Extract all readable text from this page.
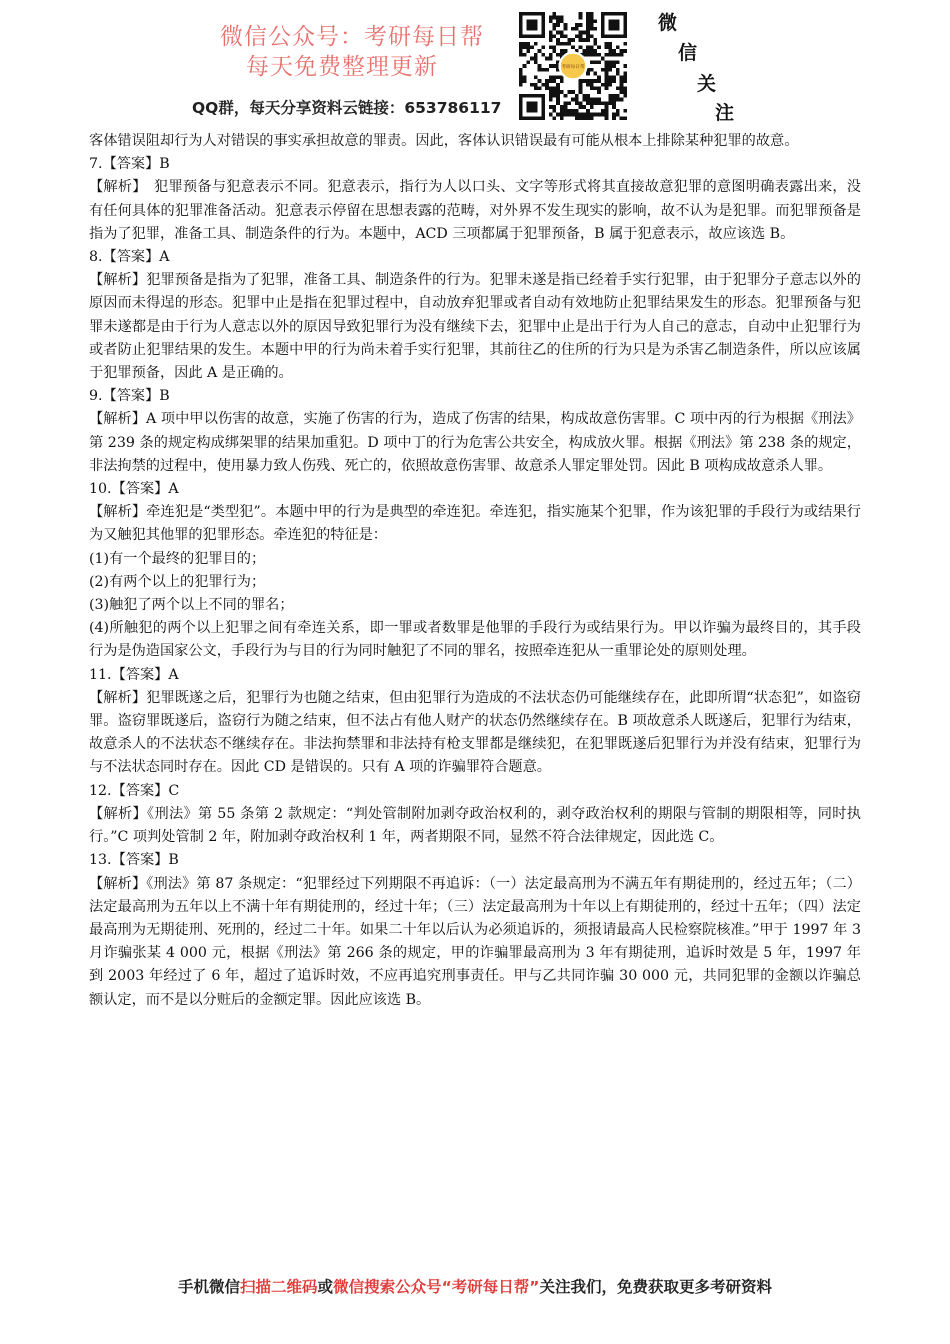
微信公众号：考研每日帮
每天免费整理更新
QQ群，每天分享资料云链接：653786117
考研每日帮
微
信
关
注

客体错误阻却行为人对错误的事实承担故意的罪责。因此，客体认识错误最有可能从根本上排除某种犯罪的故意。

7.【答案】B

【解析】　犯罪预备与犯意表示不同。犯意表示，指行为人以口头、文字等形式将其直接故意犯罪的意图明确表露出来，没有任何具体的犯罪准备活动。犯意表示停留在思想表露的范畴，对外界不发生现实的影响，故不认为是犯罪。而犯罪预备是指为了犯罪，准备工具、制造条件的行为。本题中，ACD 三项都属于犯罪预备，B 属于犯意表示，故应该选 B。

8.【答案】A

【解析】犯罪预备是指为了犯罪，准备工具、制造条件的行为。犯罪未遂是指已经着手实行犯罪，由于犯罪分子意志以外的原因而未得逞的形态。犯罪中止是指在犯罪过程中，自动放弃犯罪或者自动有效地防止犯罪结果发生的形态。犯罪预备与犯罪未遂都是由于行为人意志以外的原因导致犯罪行为没有继续下去，犯罪中止是出于行为人自己的意志，自动中止犯罪行为或者防止犯罪结果的发生。本题中甲的行为尚未着手实行犯罪，其前往乙的住所的行为只是为杀害乙制造条件，所以应该属于犯罪预备，因此 A 是正确的。

9.【答案】B

【解析】A 项中甲以伤害的故意，实施了伤害的行为，造成了伤害的结果，构成故意伤害罪。C 项中丙的行为根据《刑法》第 239 条的规定构成绑架罪的结果加重犯。D 项中丁的行为危害公共安全，构成放火罪。根据《刑法》第 238 条的规定，非法拘禁的过程中，使用暴力致人伤残、死亡的，依照故意伤害罪、故意杀人罪定罪处罚。因此 B 项构成故意杀人罪。

10.【答案】A

【解析】牵连犯是“类型犯”。本题中甲的行为是典型的牵连犯。牵连犯，指实施某个犯罪，作为该犯罪的手段行为或结果行为又触犯其他罪的犯罪形态。牵连犯的特征是：

(1)有一个最终的犯罪目的；

(2)有两个以上的犯罪行为；

(3)触犯了两个以上不同的罪名；

(4)所触犯的两个以上犯罪之间有牵连关系，即一罪或者数罪是他罪的手段行为或结果行为。甲以诈骗为最终目的，其手段行为是伪造国家公文，手段行为与目的行为同时触犯了不同的罪名，按照牵连犯从一重罪论处的原则处理。

11.【答案】A

【解析】犯罪既遂之后，犯罪行为也随之结束，但由犯罪行为造成的不法状态仍可能继续存在，此即所谓“状态犯”，如盗窃罪。盗窃罪既遂后，盗窃行为随之结束，但不法占有他人财产的状态仍然继续存在。B 项故意杀人既遂后，犯罪行为结束，故意杀人的不法状态不继续存在。非法拘禁罪和非法持有枪支罪都是继续犯，在犯罪既遂后犯罪行为并没有结束，犯罪行为与不法状态同时存在。因此 CD 是错误的。只有 A 项的诈骗罪符合题意。

12.【答案】C

【解析】《刑法》第 55 条第 2 款规定：“判处管制附加剥夺政治权利的，剥夺政治权利的期限与管制的期限相等，同时执行。”C 项判处管制 2 年，附加剥夺政治权利 1 年，两者期限不同，显然不符合法律规定，因此选 C。

13.【答案】B

【解析】《刑法》第 87 条规定：“犯罪经过下列期限不再追诉：（一）法定最高刑为不满五年有期徒刑的，经过五年；（二）法定最高刑为五年以上不满十年有期徒刑的，经过十年；（三）法定最高刑为十年以上有期徒刑的，经过十五年；（四）法定最高刑为无期徒刑、死刑的，经过二十年。如果二十年以后认为必须追诉的，须报请最高人民检察院核准。”甲于 1997 年 3 月诈骗张某 4 000 元，根据《刑法》第 266 条的规定，甲的诈骗罪最高刑为 3 年有期徒刑，追诉时效是 5 年，1997 年到 2003 年经过了 6 年，超过了追诉时效，不应再追究刑事责任。甲与乙共同诈骗 30 000 元，共同犯罪的金额以诈骗总额认定，而不是以分赃后的金额定罪。因此应该选 B。

手机微信扫描二维码或微信搜索公众号“考研每日帮”关注我们，免费获取更多考研资料
